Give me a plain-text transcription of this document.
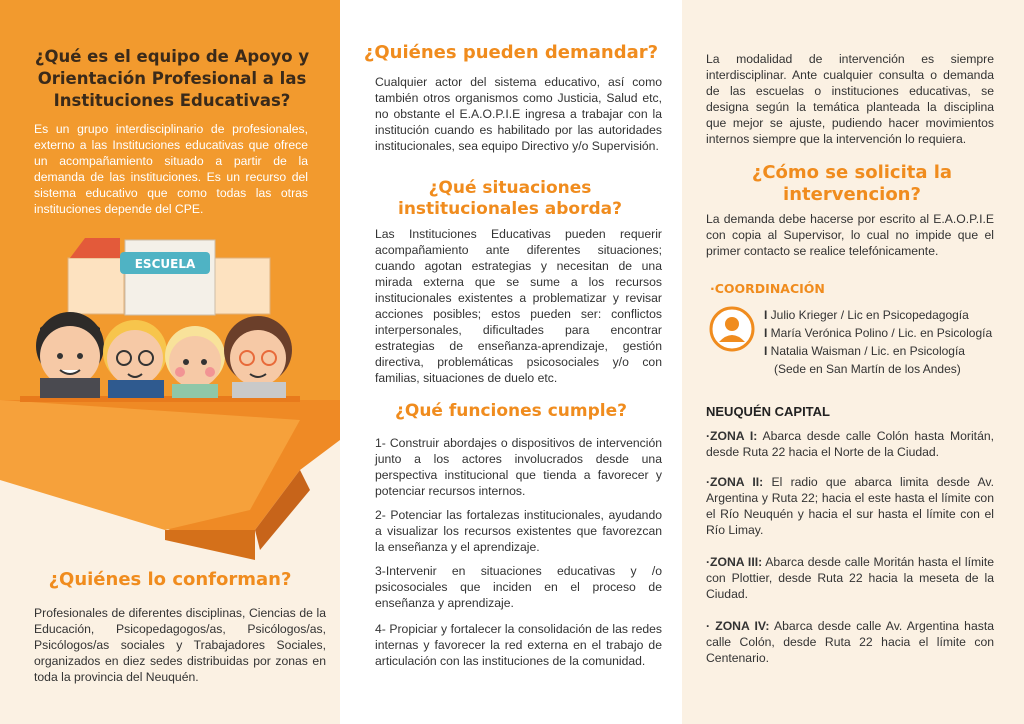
¿Qué es el equipo de Apoyo y Orientación Profesional a las Instituciones Educativas?
Es un grupo interdisciplinario de profesionales, externo a las Instituciones educativas que ofrece un acompañamiento situado a partir de la demanda de las instituciones. Es un recurso del sistema educativo que como todas las otras instituciones depende del CPE.
ESCUELA
¿Quiénes lo conforman?
Profesionales de diferentes disciplinas, Ciencias de la Educación, Psicopedagogos/as, Psicólogos/as, Psicólogos/as sociales y Trabajadores Sociales, organizados en diez sedes distribuidas por zonas en toda la provincia del Neuquén.
¿Quiénes pueden demandar?
Cualquier actor del sistema educativo, así como también otros organismos como Justicia, Salud etc, no obstante el E.A.O.P.I.E ingresa a trabajar con la institución cuando es habilitado por las autoridades institucionales, sea equipo Directivo y/o Supervisión.
¿Qué situaciones institucionales aborda?
Las Instituciones Educativas pueden requerir acompañamiento ante diferentes situaciones; cuando agotan estrategias y necesitan de una mirada externa que se sume a los recursos institucionales existentes a problematizar y revisar acciones posibles; estos pueden ser: conflictos interpersonales, dificultades para encontrar estrategias de enseñanza-aprendizaje, gestión directiva, problemáticas psicosociales y/o con familias, situaciones de duelo etc.
¿Qué funciones cumple?
1- Construir abordajes o dispositivos de intervención junto a los actores involucrados desde una perspectiva institucional que tienda a favorecer y potenciar recursos internos.
2- Potenciar las fortalezas institucionales, ayudando a visualizar los recursos existentes que favorezcan la enseñanza y el aprendizaje.
3-Intervenir en situaciones educativas y /o psicosociales que inciden en el proceso de enseñanza y aprendizaje.
4- Propiciar y fortalecer la consolidación de las redes internas y favorecer la red externa en el trabajo de articulación con las instituciones de la comunidad.
La modalidad de intervención es siempre interdisciplinar. Ante cualquier consulta o demanda de las escuelas o instituciones educativas, se designa según la temática planteada la disciplina que mejor se ajuste, pudiendo hacer movimientos internos siempre que la intervención lo requiera.
¿Cómo se solicita la intervencion?
La demanda debe hacerse por escrito al E.A.O.P.I.E con copia al Supervisor, lo cual no impide que el primer contacto se realice telefónicamente.
·COORDINACIÓN
I Julio Krieger / Lic en Psicopedagogía
I María Verónica Polino / Lic. en Psicología
I Natalia Waisman / Lic. en Psicología
(Sede en San Martín de los Andes)
NEUQUÉN CAPITAL

·ZONA I: Abarca desde calle Colón hasta Moritán, desde Ruta 22 hacia el Norte de la Ciudad.

·ZONA II: El radio que abarca limita desde Av. Argentina y Ruta 22; hacia el este hasta el límite con el Río Neuquén y hacia el sur hasta el límite con el Río Limay.

·ZONA III: Abarca desde calle Moritán hasta el límite con Plottier, desde Ruta 22 hacia la meseta de la Ciudad.

· ZONA IV: Abarca desde calle Av. Argentina hasta calle Colón, desde Ruta 22 hacia el límite con Centenario.
